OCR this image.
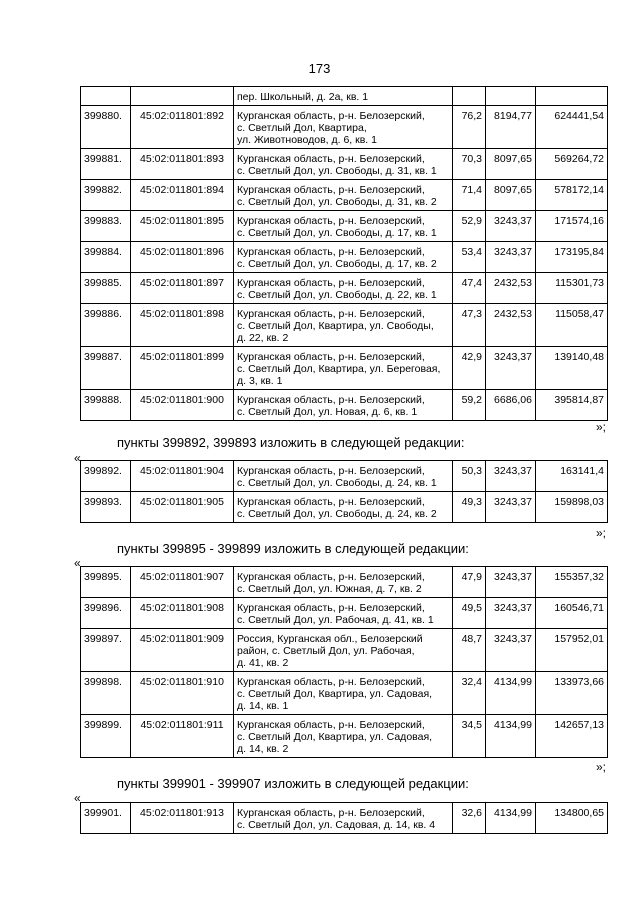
173
		пер. Школьный, д. 2а, кв. 1			
399880.	45:02:011801:892	Курганская область, р-н. Белозерский,
с. Светлый Дол, Квартира,
ул. Животноводов, д. 6, кв. 1	76,2	8194,77	624441,54
399881.	45:02:011801:893	Курганская область, р-н. Белозерский,
с. Светлый Дол, ул. Свободы, д. 31, кв. 1	70,3	8097,65	569264,72
399882.	45:02:011801:894	Курганская область, р-н. Белозерский,
с. Светлый Дол, ул. Свободы, д. 31, кв. 2	71,4	8097,65	578172,14
399883.	45:02:011801:895	Курганская область, р-н. Белозерский,
с. Светлый Дол, ул. Свободы, д. 17, кв. 1	52,9	3243,37	171574,16
399884.	45:02:011801:896	Курганская область, р-н. Белозерский,
с. Светлый Дол, ул. Свободы, д. 17, кв. 2	53,4	3243,37	173195,84
399885.	45:02:011801:897	Курганская область, р-н. Белозерский,
с. Светлый Дол, ул. Свободы, д. 22, кв. 1	47,4	2432,53	115301,73
399886.	45:02:011801:898	Курганская область, р-н. Белозерский,
с. Светлый Дол, Квартира, ул. Свободы,
д. 22, кв. 2	47,3	2432,53	115058,47
399887.	45:02:011801:899	Курганская область, р-н. Белозерский,
с. Светлый Дол, Квартира, ул. Береговая,
д. 3, кв. 1	42,9	3243,37	139140,48
399888.	45:02:011801:900	Курганская область, р-н. Белозерский,
с. Светлый Дол, ул. Новая, д. 6, кв. 1	59,2	6686,06	395814,87
»;
пункты 399892, 399893 изложить в следующей редакции:
«
399892.	45:02:011801:904	Курганская область, р-н. Белозерский,
с. Светлый Дол, ул. Свободы, д. 24, кв. 1	50,3	3243,37	163141,4
399893.	45:02:011801:905	Курганская область, р-н. Белозерский,
с. Светлый Дол, ул. Свободы, д. 24, кв. 2	49,3	3243,37	159898,03
»;
пункты 399895 - 399899 изложить в следующей редакции:
«
399895.	45:02:011801:907	Курганская область, р-н. Белозерский,
с. Светлый Дол, ул. Южная, д. 7, кв. 2	47,9	3243,37	155357,32
399896.	45:02:011801:908	Курганская область, р-н. Белозерский,
с. Светлый Дол, ул. Рабочая, д. 41, кв. 1	49,5	3243,37	160546,71
399897.	45:02:011801:909	Россия, Курганская обл., Белозерский
район, с. Светлый Дол, ул. Рабочая,
д. 41, кв. 2	48,7	3243,37	157952,01
399898.	45:02:011801:910	Курганская область, р-н. Белозерский,
с. Светлый Дол, Квартира, ул. Садовая,
д. 14, кв. 1	32,4	4134,99	133973,66
399899.	45:02:011801:911	Курганская область, р-н. Белозерский,
с. Светлый Дол, Квартира, ул. Садовая,
д. 14, кв. 2	34,5	4134,99	142657,13
»;
пункты 399901 - 399907 изложить в следующей редакции:
«
399901.	45:02:011801:913	Курганская область, р-н. Белозерский,
с. Светлый Дол, ул. Садовая, д. 14, кв. 4	32,6	4134,99	134800,65
